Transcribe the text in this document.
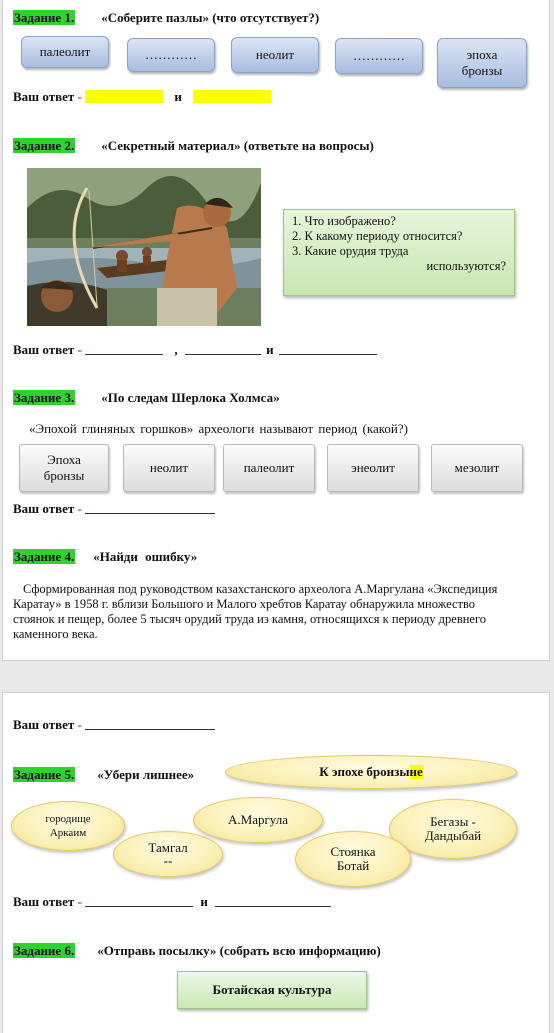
Задание 1. «Соберите пазлы» (что отсутствует?)
палеолит	…………	неолит	…………	эпоха
бронзы
Ваш ответ -	и
Задание 2. «Секретный материал» (ответьте на вопросы)
1. Что изображено?
2. К какому периоду относится?
3. Какие орудия труда
используются?
Ваш ответ -	,	и
Задание 3. «По следам Шерлока Холмса»
«Эпохой глиняных горшков» археологи называют период (какой?)
Эпоха
бронзы
неолит	палеолит	энеолит	мезолит
Ваш ответ -
Задание 4. «Найди ошибку»
Сформированная под руководством казахстанского археолога А.Маргулана «Экспедиция Каратау» в 1958 г. вблизи Большого и Малого хребтов Каратау обнаружила множество стоянок и пещер, более 5 тысяч орудий труда из камня, относящихся к периоду древнего каменного века.
Ваш ответ -
Задание 5. «Убери лишнее»	К эпохе бронзы не
городище
Аркаим
А.Маргула	Бегазы -
Дандыбай
Тамгал
--
Стоянка
Ботай
Ваш ответ -	и
Задание 6. «Отправь посылку» (собрать всю информацию)
Ботайская культура
